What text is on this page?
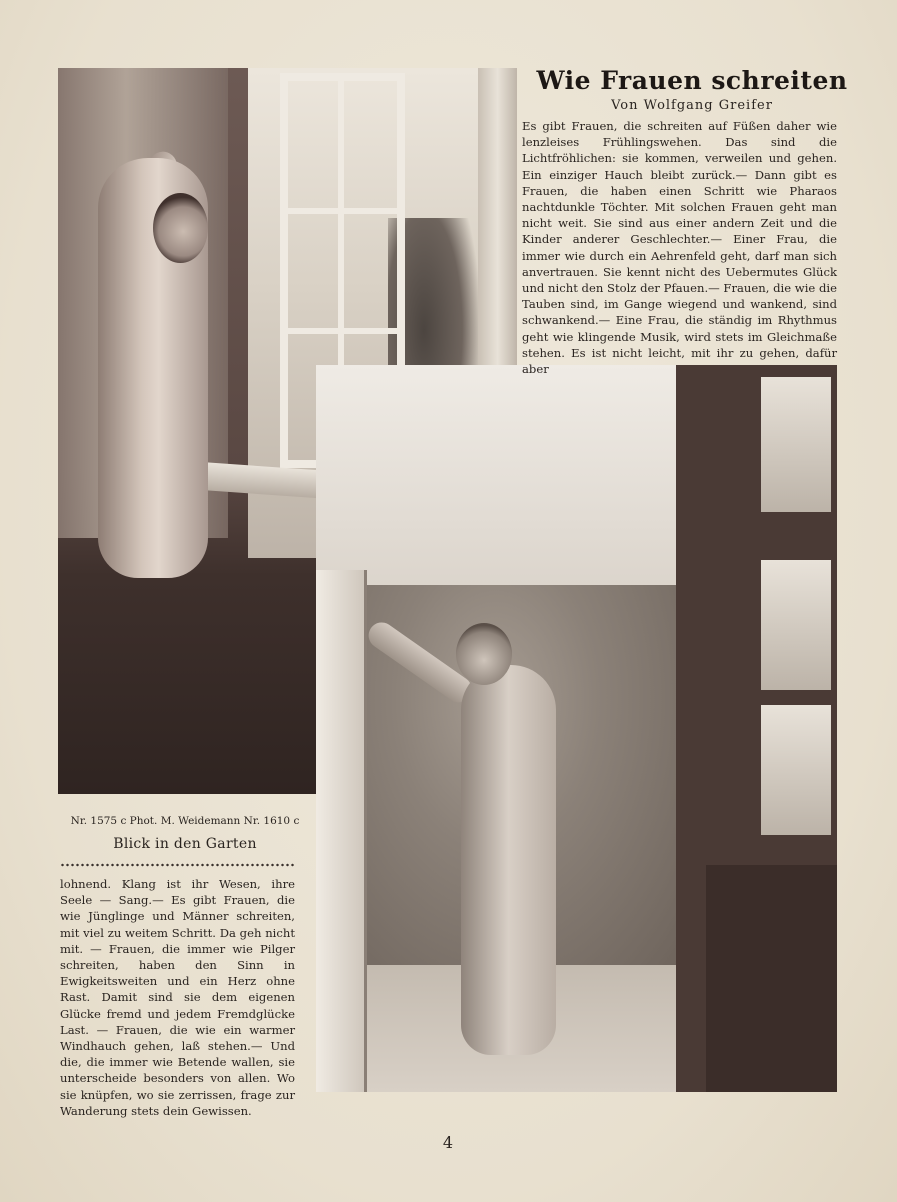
Wie Frauen schreiten
Von Wolfgang Greifer
Es gibt Frauen, die schreiten auf Füßen daher wie lenzleises Frühlingswehen. Das sind die Lichtfröhlichen: sie kommen, verweilen und gehen. Ein einziger Hauch bleibt zurück.— Dann gibt es Frauen, die haben einen Schritt wie Pharaos nachtdunkle Töchter. Mit solchen Frauen geht man nicht weit. Sie sind aus einer andern Zeit und die Kinder anderer Geschlechter.— Einer Frau, die immer wie durch ein Aehrenfeld geht, darf man sich anvertrauen. Sie kennt nicht des Uebermutes Glück und nicht den Stolz der Pfauen.— Frauen, die wie die Tauben sind, im Gange wiegend und wankend, sind schwankend.— Eine Frau, die ständig im Rhythmus geht wie klingende Musik, wird stets im Gleichmaße stehen. Es ist nicht leicht, mit ihr zu gehen, dafür aber
Nr. 1575 c Phot. M. Weidemann Nr. 1610 c
Blick in den Garten
lohnend. Klang ist ihr Wesen, ihre Seele — Sang.— Es gibt Frauen, die wie Jünglinge und Männer schreiten, mit viel zu weitem Schritt. Da geh nicht mit. — Frauen, die immer wie Pilger schreiten, haben den Sinn in Ewigkeitsweiten und ein Herz ohne Rast. Damit sind sie dem eigenen Glücke fremd und jedem Fremdglücke Last. — Frauen, die wie ein warmer Windhauch gehen, laß stehen.— Und die, die immer wie Betende wallen, sie unterscheide besonders von allen. Wo sie knüpfen, wo sie zerrissen, frage zur Wanderung stets dein Gewissen.
4
